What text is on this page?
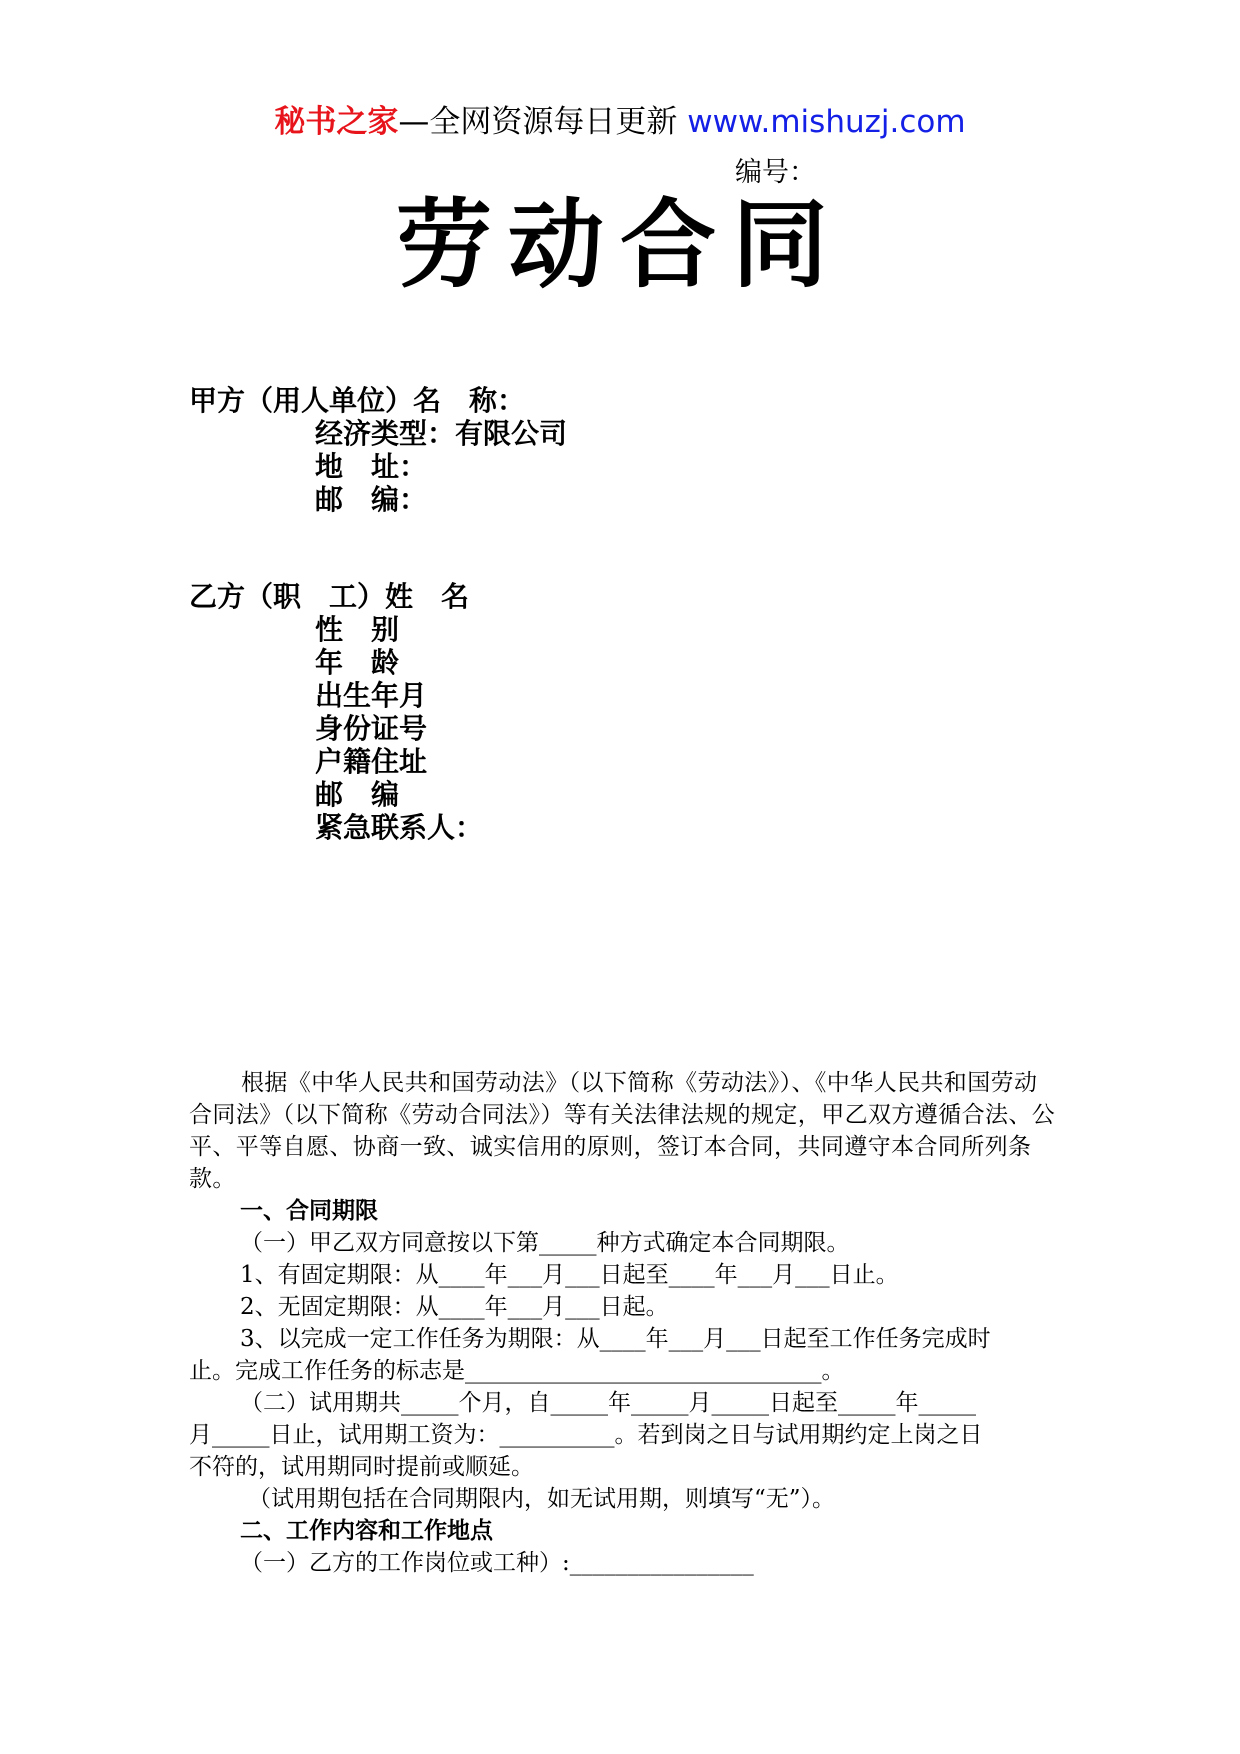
秘书之家—全网资源每日更新 www.mishuzj.com
编号：
劳动合同
甲方（用人单位）名　称：
经济类型：有限公司
地　址：
邮　编：
乙方（职　工）姓　名
性　别
年　龄
出生年月
身份证号
户籍住址
邮　编
紧急联系人：
根据《中华人民共和国劳动法》（以下简称《劳动法》）、《中华人民共和国劳动合同法》（以下简称《劳动合同法》）等有关法律法规的规定，甲乙双方遵循合法、公平、平等自愿、协商一致、诚实信用的原则，签订本合同，共同遵守本合同所列条款。
一、合同期限
（一）甲乙双方同意按以下第_____种方式确定本合同期限。
1、有固定期限：从____年___月___日起至____年___月___日止。
2、无固定期限：从____年___月___日起。
3、以完成一定工作任务为期限：从____年___月___日起至工作任务完成时
止。完成工作任务的标志是_______________________________。
（二）试用期共_____个月，自_____年_____月_____日起至_____年_____
月_____日止，试用期工资为：__________。若到岗之日与试用期约定上岗之日
不符的，试用期同时提前或顺延。
（试用期包括在合同期限内，如无试用期，则填写“无”）。
二、工作内容和工作地点
（一）乙方的工作岗位或工种）:________________
